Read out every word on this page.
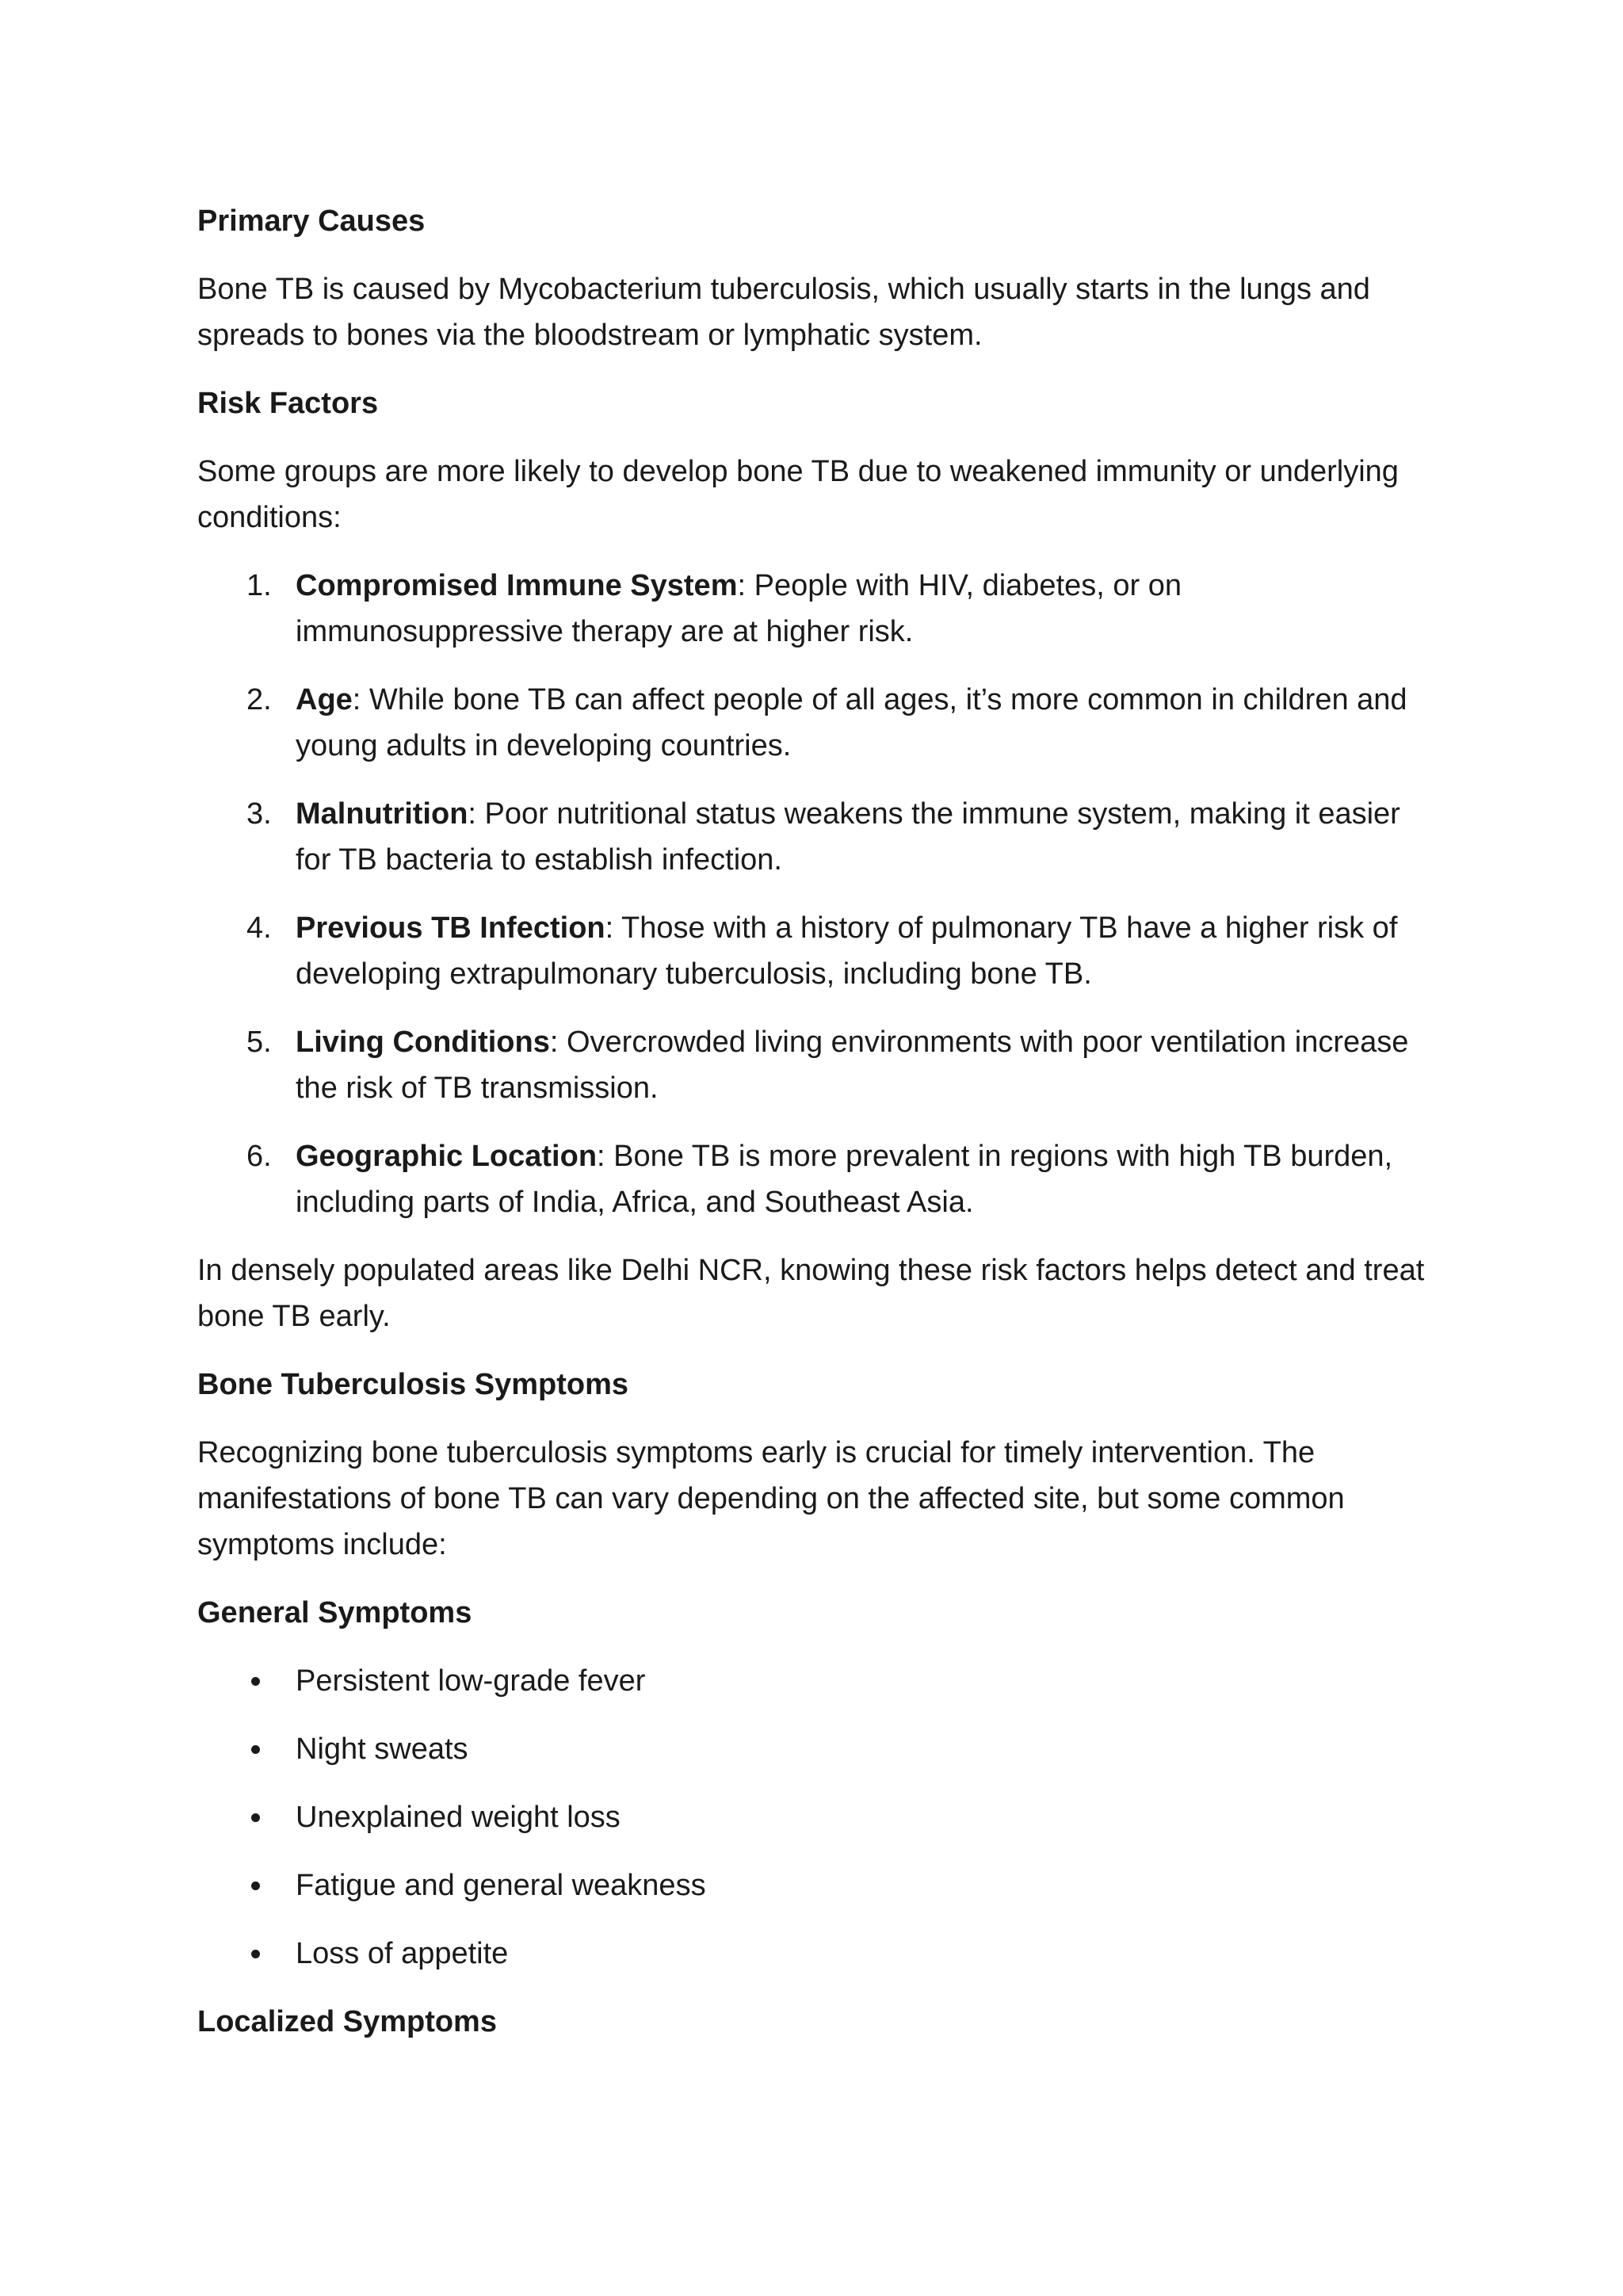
Primary Causes

Bone TB is caused by Mycobacterium tuberculosis, which usually starts in the lungs and spreads to bones via the bloodstream or lymphatic system.

Risk Factors

Some groups are more likely to develop bone TB due to weakened immunity or underlying conditions:

1. Compromised Immune System: People with HIV, diabetes, or on immunosuppressive therapy are at higher risk.
2. Age: While bone TB can affect people of all ages, it’s more common in children and young adults in developing countries.
3. Malnutrition: Poor nutritional status weakens the immune system, making it easier for TB bacteria to establish infection.
4. Previous TB Infection: Those with a history of pulmonary TB have a higher risk of developing extrapulmonary tuberculosis, including bone TB.
5. Living Conditions: Overcrowded living environments with poor ventilation increase the risk of TB transmission.
6. Geographic Location: Bone TB is more prevalent in regions with high TB burden, including parts of India, Africa, and Southeast Asia.

In densely populated areas like Delhi NCR, knowing these risk factors helps detect and treat bone TB early.

Bone Tuberculosis Symptoms

Recognizing bone tuberculosis symptoms early is crucial for timely intervention. The manifestations of bone TB can vary depending on the affected site, but some common symptoms include:

General Symptoms

Persistent low-grade fever
Night sweats
Unexplained weight loss
Fatigue and general weakness
Loss of appetite

Localized Symptoms
